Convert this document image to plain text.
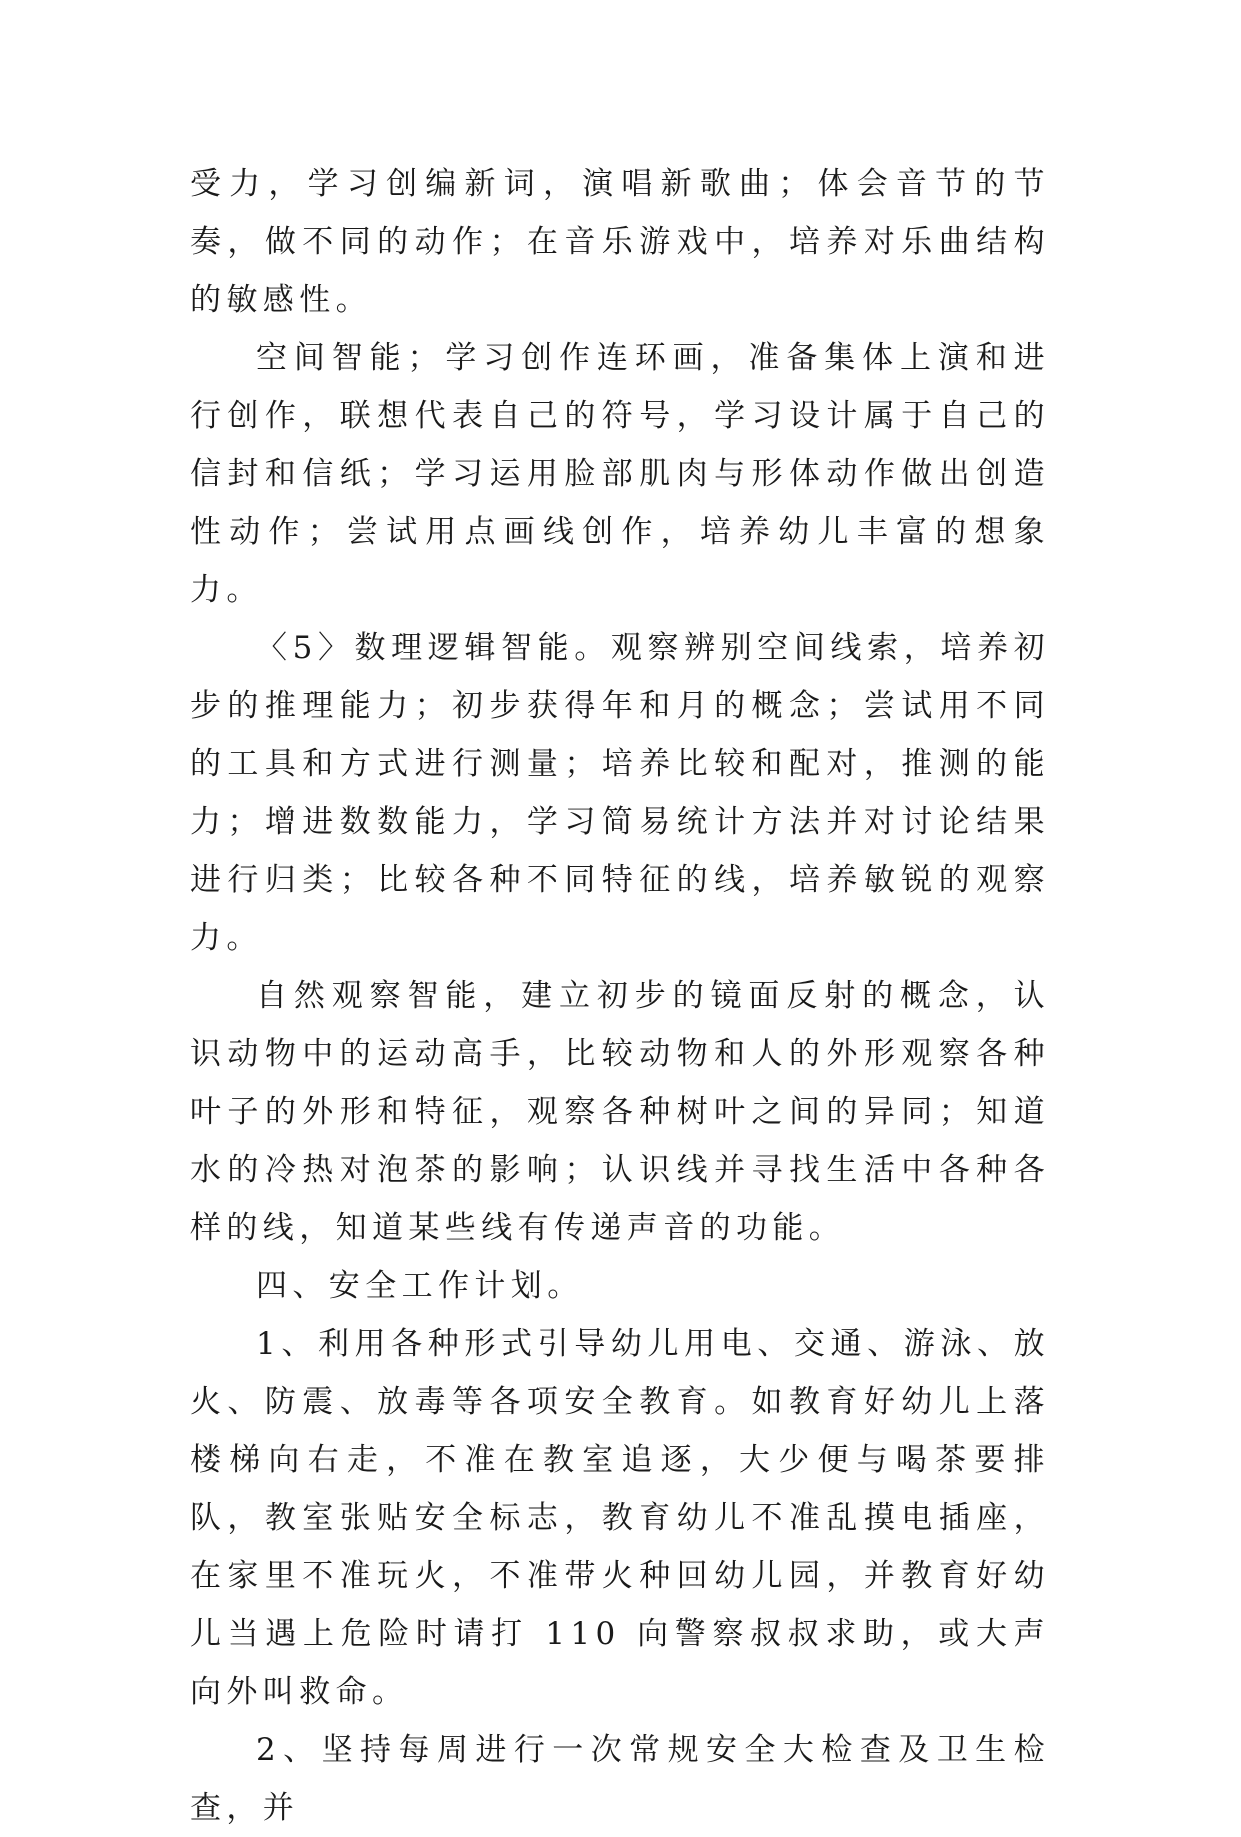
受力，学习创编新词，演唱新歌曲；体会音节的节奏，做不同的动作；在音乐游戏中，培养对乐曲结构的敏感性。

空间智能；学习创作连环画，准备集体上演和进行创作，联想代表自己的符号，学习设计属于自己的信封和信纸；学习运用脸部肌肉与形体动作做出创造性动作；尝试用点画线创作，培养幼儿丰富的想象力。

〈5〉数理逻辑智能。观察辨别空间线索，培养初步的推理能力；初步获得年和月的概念；尝试用不同的工具和方式进行测量；培养比较和配对，推测的能力；增进数数能力，学习简易统计方法并对讨论结果进行归类；比较各种不同特征的线，培养敏锐的观察力。

自然观察智能，建立初步的镜面反射的概念，认识动物中的运动高手，比较动物和人的外形观察各种叶子的外形和特征，观察各种树叶之间的异同；知道水的冷热对泡茶的影响；认识线并寻找生活中各种各样的线，知道某些线有传递声音的功能。

四、安全工作计划。

1、利用各种形式引导幼儿用电、交通、游泳、放火、防震、放毒等各项安全教育。如教育好幼儿上落楼梯向右走，不准在教室追逐，大少便与喝茶要排队，教室张贴安全标志，教育幼儿不准乱摸电插座，在家里不准玩火，不准带火种回幼儿园，并教育好幼儿当遇上危险时请打 110 向警察叔叔求助，或大声向外叫救命。

2、坚持每周进行一次常规安全大检查及卫生检查，并
